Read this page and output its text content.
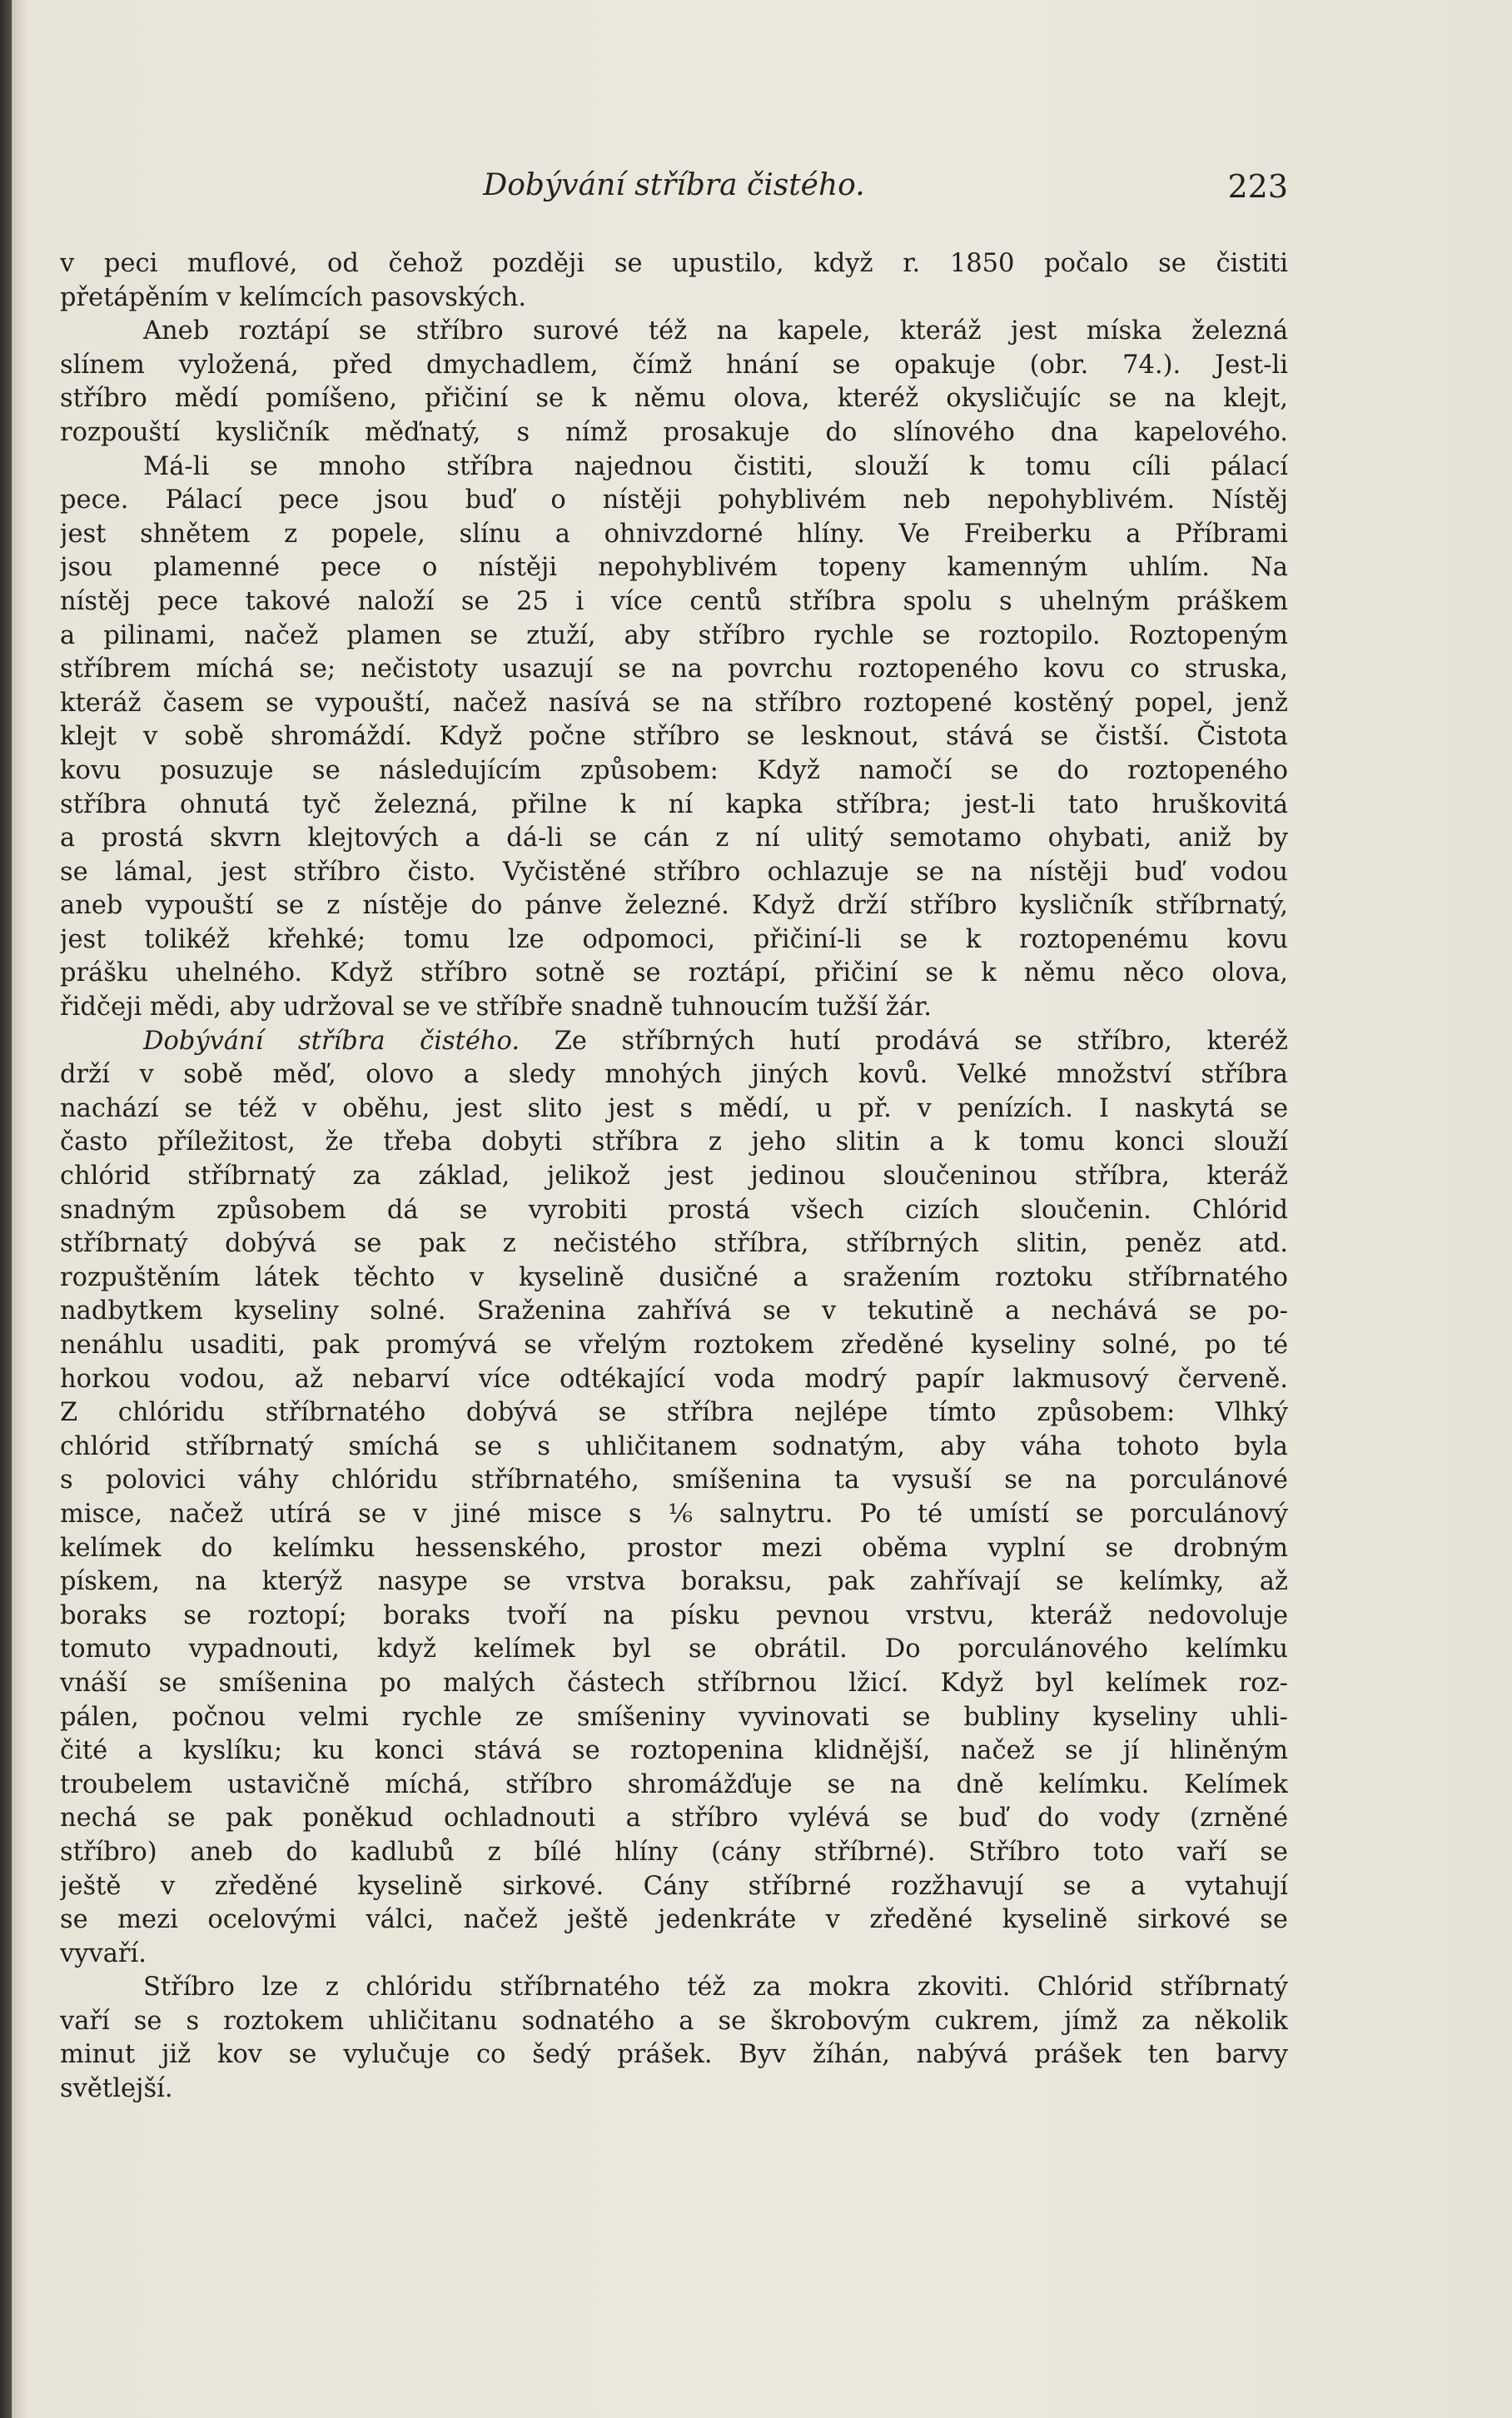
Dobývání stříbra čistého.	223
v peci muflové, od čehož později se upustilo, když r. 1850 počalo se čistiti
přetápěním v kelímcích pasovských.
Aneb roztápí se stříbro surové též na kapele, kteráž jest míska železná
slínem vyložená, před dmychadlem, čímž hnání se opakuje (obr. 74.). Jest-li
stříbro mědí pomíšeno, přičiní se k němu olova, kteréž okysličujíc se na klejt,
rozpouští kysličník měďnatý, s nímž prosakuje do slínového dna kapelového.
Má-li se mnoho stříbra najednou čistiti, slouží k tomu cíli pálací
pece. Pálací pece jsou buď o nístěji pohyblivém neb nepohyblivém. Nístěj
jest shnětem z popele, slínu a ohnivzdorné hlíny. Ve Freiberku a Příbrami
jsou plamenné pece o nístěji nepohyblivém topeny kamenným uhlím. Na
nístěj pece takové naloží se 25 i více centů stříbra spolu s uhelným práškem
a pilinami, načež plamen se ztuží, aby stříbro rychle se roztopilo. Roztopeným
stříbrem míchá se; nečistoty usazují se na povrchu roztopeného kovu co struska,
kteráž časem se vypouští, načež nasívá se na stříbro roztopené kostěný popel, jenž
klejt v sobě shromáždí. Když počne stříbro se lesknout, stává se čistší. Čistota
kovu posuzuje se následujícím způsobem: Když namočí se do roztopeného
stříbra ohnutá tyč železná, přilne k ní kapka stříbra; jest-li tato hruškovitá
a prostá skvrn klejtových a dá-li se cán z ní ulitý semotamo ohybati, aniž by
se lámal, jest stříbro čisto. Vyčistěné stříbro ochlazuje se na nístěji buď vodou
aneb vypouští se z nístěje do pánve železné. Když drží stříbro kysličník stříbrnatý,
jest tolikéž křehké; tomu lze odpomoci, přičiní-li se k roztopenému kovu
prášku uhelného. Když stříbro sotně se roztápí, přičiní se k němu něco olova,
řidčeji mědi, aby udržoval se ve stříbře snadně tuhnoucím tužší žár.
Dobývání stříbra čistého. Ze stříbrných hutí prodává se stříbro, kteréž
drží v sobě měď, olovo a sledy mnohých jiných kovů. Velké množství stříbra
nachází se též v oběhu, jest slito jest s mědí, u př. v penízích. I naskytá se
často příležitost, že třeba dobyti stříbra z jeho slitin a k tomu konci slouží
chlórid stříbrnatý za základ, jelikož jest jedinou sloučeninou stříbra, kteráž
snadným způsobem dá se vyrobiti prostá všech cizích sloučenin. Chlórid
stříbrnatý dobývá se pak z nečistého stříbra, stříbrných slitin, peněz atd.
rozpuštěním látek těchto v kyselině dusičné a sražením roztoku stříbrnatého
nadbytkem kyseliny solné. Sraženina zahřívá se v tekutině a nechává se po-
nenáhlu usaditi, pak promývá se vřelým roztokem zředěné kyseliny solné, po té
horkou vodou, až nebarví více odtékající voda modrý papír lakmusový červeně.
Z chlóridu stříbrnatého dobývá se stříbra nejlépe tímto způsobem: Vlhký
chlórid stříbrnatý smíchá se s uhličitanem sodnatým, aby váha tohoto byla
s polovici váhy chlóridu stříbrnatého, smíšenina ta vysuší se na porculánové
misce, načež utírá se v jiné misce s ¹⁄₆ salnytru. Po té umístí se porculánový
kelímek do kelímku hessenského, prostor mezi oběma vyplní se drobným
pískem, na kterýž nasype se vrstva boraksu, pak zahřívají se kelímky, až
boraks se roztopí; boraks tvoří na písku pevnou vrstvu, kteráž nedovoluje
tomuto vypadnouti, když kelímek byl se obrátil. Do porculánového kelímku
vnáší se smíšenina po malých částech stříbrnou lžicí. Když byl kelímek roz-
pálen, počnou velmi rychle ze smíšeniny vyvinovati se bubliny kyseliny uhli-
čité a kyslíku; ku konci stává se roztopenina klidnější, načež se jí hliněným
troubelem ustavičně míchá, stříbro shromážďuje se na dně kelímku. Kelímek
nechá se pak poněkud ochladnouti a stříbro vylévá se buď do vody (zrněné
stříbro) aneb do kadlubů z bílé hlíny (cány stříbrné). Stříbro toto vaří se
ještě v zředěné kyselině sirkové. Cány stříbrné rozžhavují se a vytahují
se mezi ocelovými válci, načež ještě jedenkráte v zředěné kyselině sirkové se
vyvaří.
Stříbro lze z chlóridu stříbrnatého též za mokra zkoviti. Chlórid stříbrnatý
vaří se s roztokem uhličitanu sodnatého a se škrobovým cukrem, jímž za několik
minut již kov se vylučuje co šedý prášek. Byv žíhán, nabývá prášek ten barvy
světlejší.
